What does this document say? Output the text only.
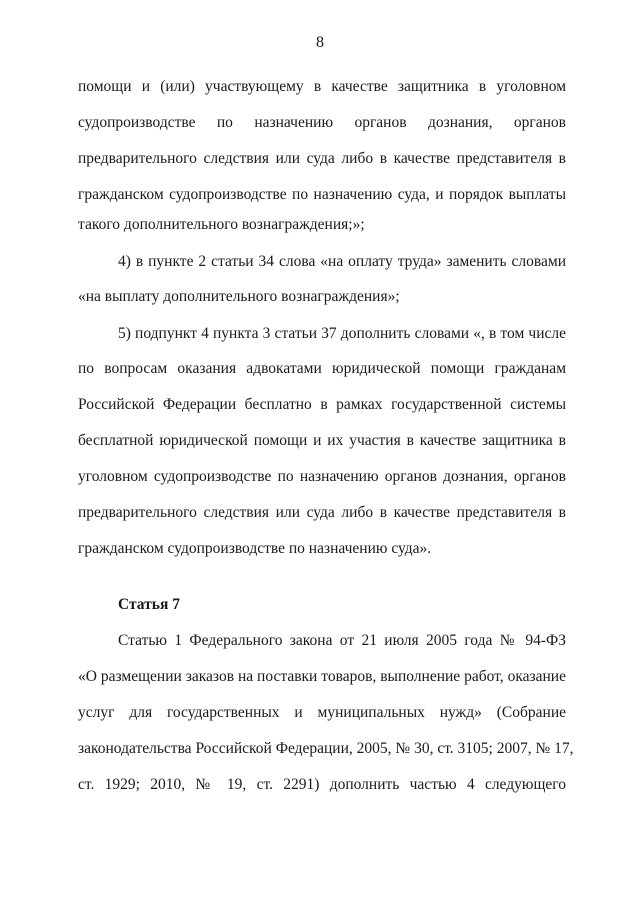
8
помощи и (или) участвующему в качестве защитника в уголовном
судопроизводстве по назначению органов дознания, органов
предварительного следствия или суда либо в качестве представителя в
гражданском судопроизводстве по назначению суда, и порядок выплаты
такого дополнительного вознаграждения;»;
4) в пункте 2 статьи 34 слова «на оплату труда» заменить словами
«на выплату дополнительного вознаграждения»;
5) подпункт 4 пункта 3 статьи 37 дополнить словами «, в том числе
по вопросам оказания адвокатами юридической помощи гражданам
Российской Федерации бесплатно в рамках государственной системы
бесплатной юридической помощи и их участия в качестве защитника в
уголовном судопроизводстве по назначению органов дознания, органов
предварительного следствия или суда либо в качестве представителя в
гражданском судопроизводстве по назначению суда».
Статья 7
Статью 1 Федерального закона от 21 июля 2005 года № 94-ФЗ
«О размещении заказов на поставки товаров, выполнение работ, оказание
услуг для государственных и муниципальных нужд» (Собрание
законодательства Российской Федерации, 2005, № 30, ст. 3105; 2007, № 17,
ст. 1929; 2010, № 19, ст. 2291) дополнить частью 4 следующего
